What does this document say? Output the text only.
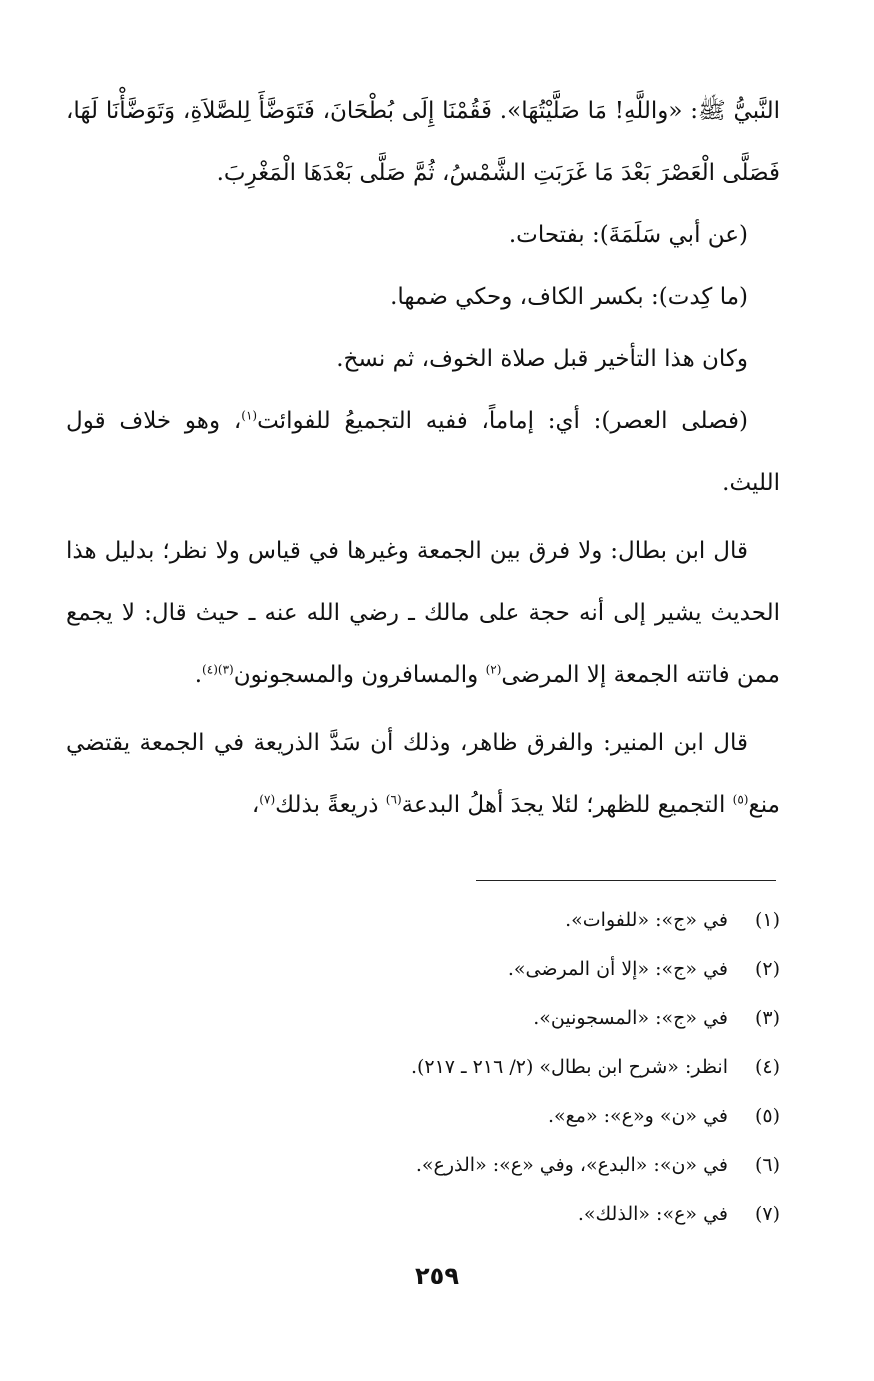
النَّبيُّ ﷺ: «واللَّهِ! مَا صَلَّيْتُهَا». فَقُمْنَا إِلَى بُطْحَانَ، فَتَوَضَّأَ لِلصَّلاَةِ، وَتَوَضَّأْنَا لَهَا، فَصَلَّى الْعَصْرَ بَعْدَ مَا غَرَبَتِ الشَّمْسُ، ثُمَّ صَلَّى بَعْدَهَا الْمَغْرِبَ.

(عن أبي سَلَمَةَ): بفتحات.

(ما كِدت): بكسر الكاف، وحكي ضمها.

وكان هذا التأخير قبل صلاة الخوف، ثم نسخ.

(فصلى العصر): أي: إماماً، ففيه التجميعُ للفوائت$^{(١)}$، وهو خلاف قول الليث.

قال ابن بطال: ولا فرق بين الجمعة وغيرها في قياس ولا نظر؛ بدليل هذا الحديث يشير إلى أنه حجة على مالك ـ رضي الله عنه ـ حيث قال: لا يجمع ممن فاتته الجمعة إلا المرضى$^{(٢)}$ والمسافرون والمسجونون$^{(٣)(٤)}$.

قال ابن المنير: والفرق ظاهر، وذلك أن سَدَّ الذريعة في الجمعة يقتضي منع$^{(٥)}$ التجميع للظهر؛ لئلا يجدَ أهلُ البدعة$^{(٦)}$ ذريعةً بذلك$^{(٧)}$،

(١)
في «ج»: «للفوات».
(٢)
في «ج»: «إلا أن المرضى».
(٣)
في «ج»: «المسجونين».
(٤)
انظر: «شرح ابن بطال» (٢/ ٢١٦ ـ ٢١٧).
(٥)
في «ن» و«ع»: «مع».
(٦)
في «ن»: «البدع»، وفي «ع»: «الذرع».
(٧)
في «ع»: «الذلك».
٢٥٩
